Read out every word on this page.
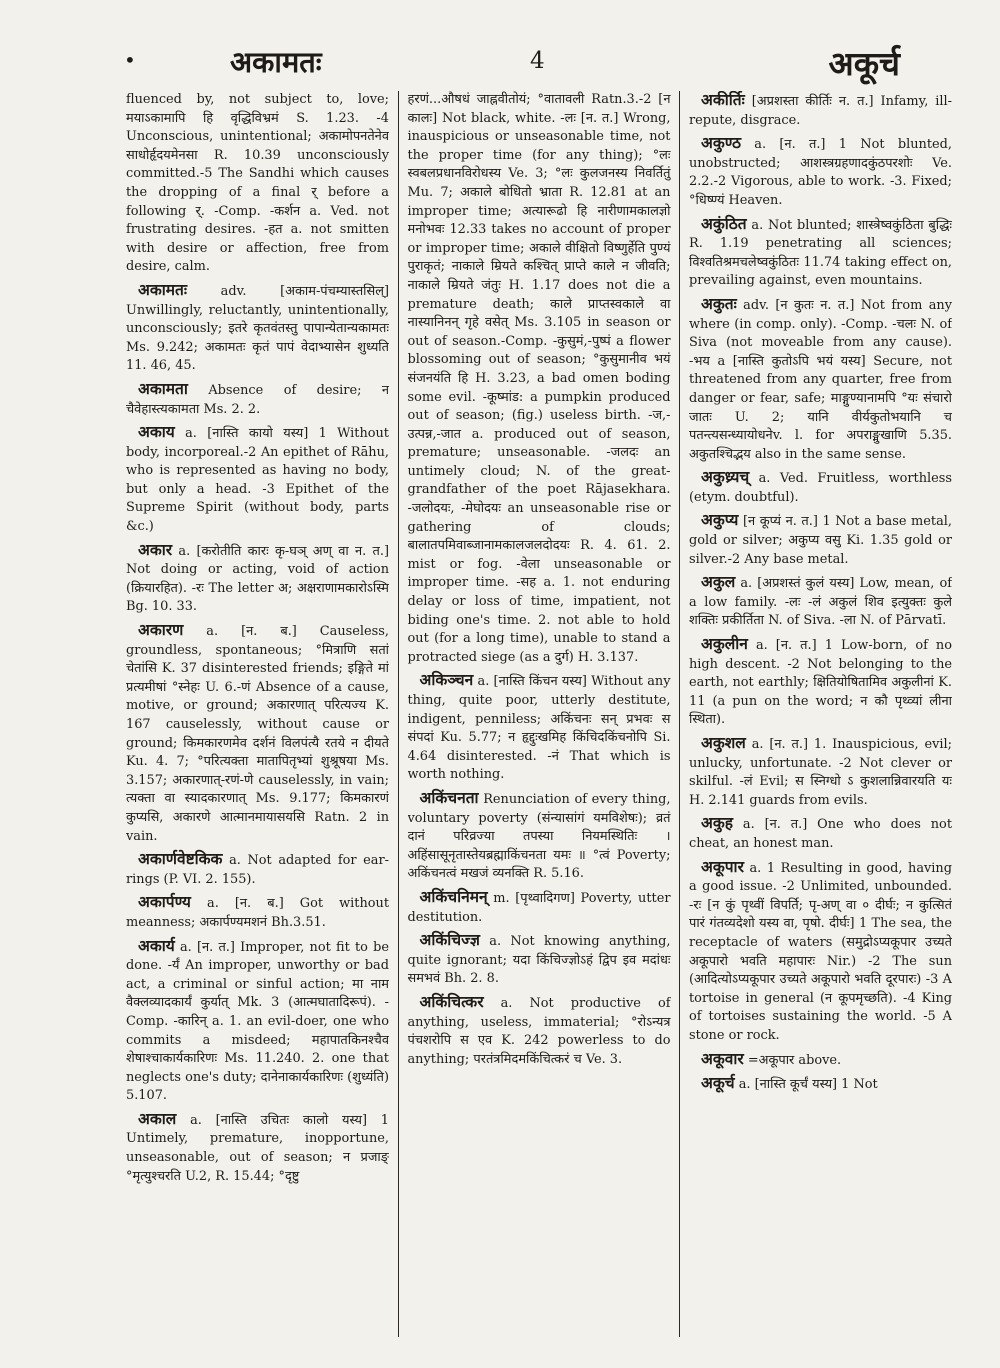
•	अकामतः	4	अकूर्च

fluenced by, not subject to, love; मयाऽकामापि हि वृद्धिविभ्रमं S. 1.23. -4 Unconscious, unintentional; अकामोपनतेनेव साधोर्हृदयमेनसा R. 10.39 unconsciously committed.-5 The Sandhi which causes the dropping of a final र् before a following र्. -Comp. -कर्शन a. Ved. not frustrating desires. -हत a. not smitten with desire or affection, free from desire, calm.

अकामतः	adv. [अकाम-पंचम्यास्तसिल्] Unwillingly, reluctantly, unintentionally, unconsciously; इतरे कृतवंतस्तु पापान्येतान्यकामतः Ms. 9.242; अकामतः कृतं पापं वेदाभ्यासेन शुध्यति 11. 46, 45.

अकामता Absence of desire; न चैवेहास्त्यकामता Ms. 2. 2.

अकाय a. [नास्ति कायो यस्य] 1 Without body, incorporeal.-2 An epithet of Rāhu, who is represented as having no body, but only a head. -3 Epithet of the Supreme Spirit (without body, parts &c.)

अकार a. [करोतीति कारः कृ-घञ् अण् वा न. त.] Not doing or acting, void of action (क्रियारहित). -रः The letter अ; अक्षराणामकारोऽस्मि Bg. 10. 33.

अकारण a. [न. ब.] Causeless, groundless, spontaneous; °मित्राणि सतां चेतांसि K. 37 disinterested friends; इङ्गिते मां प्रत्यमीषां °स्नेहः U. 6.-णं Absence of a cause, motive, or ground; अकारणात् परित्यज्य K. 167 causelessly, without cause or ground; किमकारणमेव दर्शनं विलपंत्यै रतये न दीयते Ku. 4. 7; °परित्यक्ता मातापितृभ्यां शुश्रूषया Ms. 3.157; अकारणात्-रणं-णे causelessly, in vain; त्यक्ता वा स्यादकारणात् Ms. 9.177; किमकारणं कुप्यसि, अकारणे आत्मानमायासयसि Ratn. 2 in vain.

अकार्णवेष्टकिक a. Not adapted for ear-rings (P. VI. 2. 155).

अकार्पण्य a. [न. ब.] Got without meanness; अकार्पण्यमशनं Bh.3.51.

अकार्य a. [न. त.] Improper, not fit to be done. -र्यं An improper, unworthy or bad act, a criminal or sinful action; मा नाम वैक्लव्यादकार्यं कुर्यात् Mk. 3 (आत्मघातादिरूपं). -Comp. -कारिन् a. 1. an evil-doer, one who commits a misdeed; महापातकिनश्चैव शेषाश्चाकार्यकारिणः Ms. 11.240. 2. one that neglects one's duty; दानेनाकार्यकारिणः (शुध्यंति) 5.107.

अकाल a. [नास्ति उचितः कालो यस्य] 1 Untimely, premature, inopportune, unseasonable, out of season; न प्रजाङ् °मृत्युश्चरति U.2, R. 15.44; °दृष्टु

हरणं...औषधं जाह्नवीतोयं; °वातावली Ratn.3.-2 [न कालः] Not black, white. -लः [न. त.] Wrong, inauspicious or unseasonable time, not the proper time (for any thing); °लः स्वबलप्रधानविरोधस्य Ve. 3; °लः कुलजनस्य निवर्तितुं Mu. 7; अकाले बोधितो भ्राता R. 12.81 at an improper time; अत्यारूढो हि नारीणामकालज्ञो मनोभवः 12.33 takes no account of proper or improper time; अकाले वीक्षितो विष्णुर्हेति पुण्यं पुराकृतं; नाकाले म्रियते कश्चित् प्राप्ते काले न जीवति; नाकाले म्रियते जंतुः H. 1.17 does not die a premature death; काले प्राप्तस्वकाले वा नास्यानिनन् गृहे वसेत् Ms. 3.105 in season or out of season.-Comp. -कुसुमं,-पुष्पं a flower blossoming out of season; °कुसुमानीव भयं संजनयंति हि H. 3.23, a bad omen boding some evil. -कूष्मांड: a pumpkin produced out of season; (fig.) useless birth. -ज,-उत्पन्न,-जात a. produced out of season, premature; unseasonable. -जलदः an untimely cloud; N. of the great-grandfather of the poet Rājasekhara. -जलोदयः, -मेघोदयः an unseasonable rise or gathering of clouds; बालातपमिवाब्जानामकालजलदोदयः R. 4. 61. 2. mist or fog. -वेला unseasonable or improper time. -सह a. 1. not enduring delay or loss of time, impatient, not biding one's time. 2. not able to hold out (for a long time), unable to stand a protracted siege (as a दुर्ग) H. 3.137.

अकिञ्चन a. [नास्ति किंचन यस्य] Without any thing, quite poor, utterly destitute, indigent, penniless; अकिंचनः सन् प्रभवः स संपदां Ku. 5.77; न हृद्दुःखमिह किंचिदकिंचनोपि Si. 4.64 disinterested. -नं That which is worth nothing.

अकिंचनता Renunciation of every thing, voluntary poverty (संन्यासांगं यमविशेषः); व्रतं दानं परिव्रज्या तपस्या नियमस्थितिः । अहिंसासूनृतास्तेयब्रह्माकिंचनता यमः ॥ °त्वं Poverty; अकिंचनत्वं मखजं व्यनक्ति R. 5.16.

अकिंचनिमन् m. [पृथ्वादिगण] Poverty, utter destitution.

अकिंचिज्ज्ञ a. Not knowing anything, quite ignorant; यदा किंचिज्ज्ञोऽहं द्विप इव मदांधः समभवं Bh. 2. 8.

अकिंचित्कर a. Not productive of anything, useless, immaterial; °रोऽन्यत्र पंचशरोपि स एव K. 242 powerless to do anything; परतंत्रमिदमकिंचित्करं च Ve. 3.

अकीर्तिः [अप्रशस्ता कीर्तिः न. त.] Infamy, ill-repute, disgrace.

अकुण्ठ a. [न. त.] 1 Not blunted, unobstructed; आशस्त्रग्रहणादकुंठपरशोः Ve. 2.2.-2 Vigorous, able to work. -3. Fixed; °धिष्ण्यं Heaven.

अकुंठित a. Not blunted; शास्त्रेष्वकुंठिता बुद्धिः R. 1.19 penetrating all sciences; विश्वतिश्रमचलेष्वकुंठितः 11.74 taking effect on, prevailing against, even mountains.

अकुतः adv. [न कुतः न. त.] Not from any where (in comp. only). -Comp. -चलः N. of Siva (not moveable from any cause). -भय a [नास्ति कुतोऽपि भयं यस्य] Secure, not threatened from any quarter, free from danger or fear, safe; माङ्गुण्यानामपि °यः संचारो जातः U. 2; यानि वीर्यकुतोभयानि च पतन्त्यसन्ध्यायोधनेv. l. for अपराङ्मुखाणि 5.35. अकुतश्चिद्भय also in the same sense.

अकुध्र्यच् a. Ved. Fruitless, worthless (etym. doubtful).

अकुप्य [न कूप्यं न. त.] 1 Not a base metal, gold or silver; अकुप्य वसु Ki. 1.35 gold or silver.-2 Any base metal.

अकुल a. [अप्रशस्तं कुलं यस्य] Low, mean, of a low family. -लः -लं अकुलं शिव इत्युक्तः कुले शक्तिः प्रकीर्तिता N. of Siva. -ला N. of Pārvatī.

अकुलीन a. [न. त.] 1 Low-born, of no high descent. -2 Not belonging to the earth, not earthly; क्षितियोषितामिव अकुलीनां K. 11 (a pun on the word; न कौ पृथ्व्यां लीना स्थिता).

अकुशल a. [न. त.] 1. Inauspicious, evil; unlucky, unfortunate. -2 Not clever or skilful. -लं Evil; स स्निग्धो ऽ कुशलान्निवारयति यः H. 2.141 guards from evils.

अकुह a. [न. त.] One who does not cheat, an honest man.

अकूपार a. 1 Resulting in good, having a good issue. -2 Unlimited, unbounded. -रः [न कुं पृथ्वीं विपर्ति; पृ-अण् वा ० दीर्घः; न कुत्सितं पारं गंतव्यदेशो यस्य वा, पृषो. दीर्घः] 1 The sea, the receptacle of waters (समुद्रोऽप्यकूपार उच्यते अकूपारो भवति महापारः Nir.) -2 The sun (आदित्योऽप्यकूपार उच्यते अकूपारो भवति दूरपारः) -3 A tortoise in general (न कूपमृच्छति). -4 King of tortoises sustaining the world. -5 A stone or rock.

अकूवार =अकूपार above.

अकूर्च a. [नास्ति कूर्चं यस्य] 1 Not
